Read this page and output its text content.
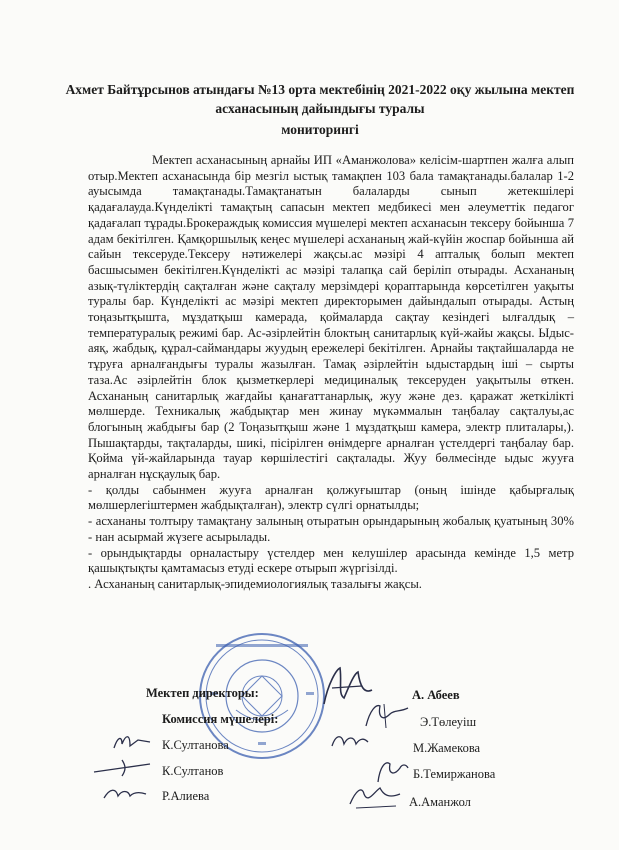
Ахмет Байтұрсынов атындағы №13 орта мектебінің 2021-2022 оқу жылына мектеп асханасының дайындығы туралы
мониторингі

Мектеп асханасының арнайы ИП «Аманжолова» келісім-шартпен жалға алып отыр.Мектеп асханасында бір мезгіл ыстық тамақпен 103 бала тамақтанады.балалар 1-2 ауысымда тамақтанады.Тамақтанатын балаларды сынып жетекшілері қадағалауда.Күнделікті тамақтың сапасын мектеп медбикесі мен әлеуметтік педагог қадағалап тұрады.Брокераждық комиссия мүшелері мектеп асханасын тексеру бойынша 7 адам бекітілген. Қамқоршылық кеңес мүшелері асхананың жай-күйін жоспар бойынша ай сайын тексеруде.Тексеру нәтижелері жақсы.ас мәзірі 4 апталық болып мектеп басшысымен бекітілген.Күнделікті ас мәзірі талапқа сай беріліп отырады. Асхананың азық-түліктердің сақталған және сақталу мерзімдері қораптарында көрсетілген уақыты туралы бар. Күнделікті ас мәзірі мектеп директорымен дайындалып отырады. Астың тоңазытқышта, мұздатқыш камерада, қоймаларда сақтау кезіндегі ылғалдық – температуралық режимі бар. Ас-әзірлейтін блоктың санитарлық күй-жайы жақсы. Ыдыс-аяқ, жабдық, құрал-саймандары жуудың ережелері бекітілген. Арнайы тақтайшаларда не тұруға арналғандығы туралы жазылған. Тамақ әзірлейтін ыдыстардың іші – сырты таза.Ас әзірлейтін блок қызметкерлері медициналық тексеруден уақытылы өткен. Асхананың санитарлық жағдайы қанағаттанарлық, жуу және дез. қаражат жеткілікті мөлшерде. Техникалық жабдықтар мен жинау мүкәммалын таңбалау сақталуы,ас блогының жабдығы бар (2 Тоңазытқыш және 1 мұздатқыш камера, электр плиталары,). Пышақтарды, тақталарды, шикі, пісірілген өнімдерге арналған үстелдергі таңбалау бар. Қойма үй-жайларында тауар көршілестігі сақталады. Жуу бөлмесінде ыдыс жууға арналған нұсқаулық бар.

- қолды сабынмен жууға арналған қолжуғыштар (оның ішінде қабырғалық мөлшерлегіштермен жабдықталған), электр сүлгі орнатылды;

- асхананы толтыру тамақтану залының отыратын орындарының жобалық қуатының 30% - нан асырмай жүзеге асырылады.

- орындықтарды орналастыру үстелдер мен келушілер арасында кемінде 1,5 метр қашықтықты қамтамасыз етуді ескере отырып жүргізілді.

. Асхананың санитарлық-эпидемиологиялық тазалығы жақсы.

Мектеп директоры:	А. Абеев
Комиссия мүшелері:
К.Султанова
К.Султанов
Р.Алиева
Э.Төлеуіш
М.Жамекова
Б.Темиржанова
А.Аманжол
